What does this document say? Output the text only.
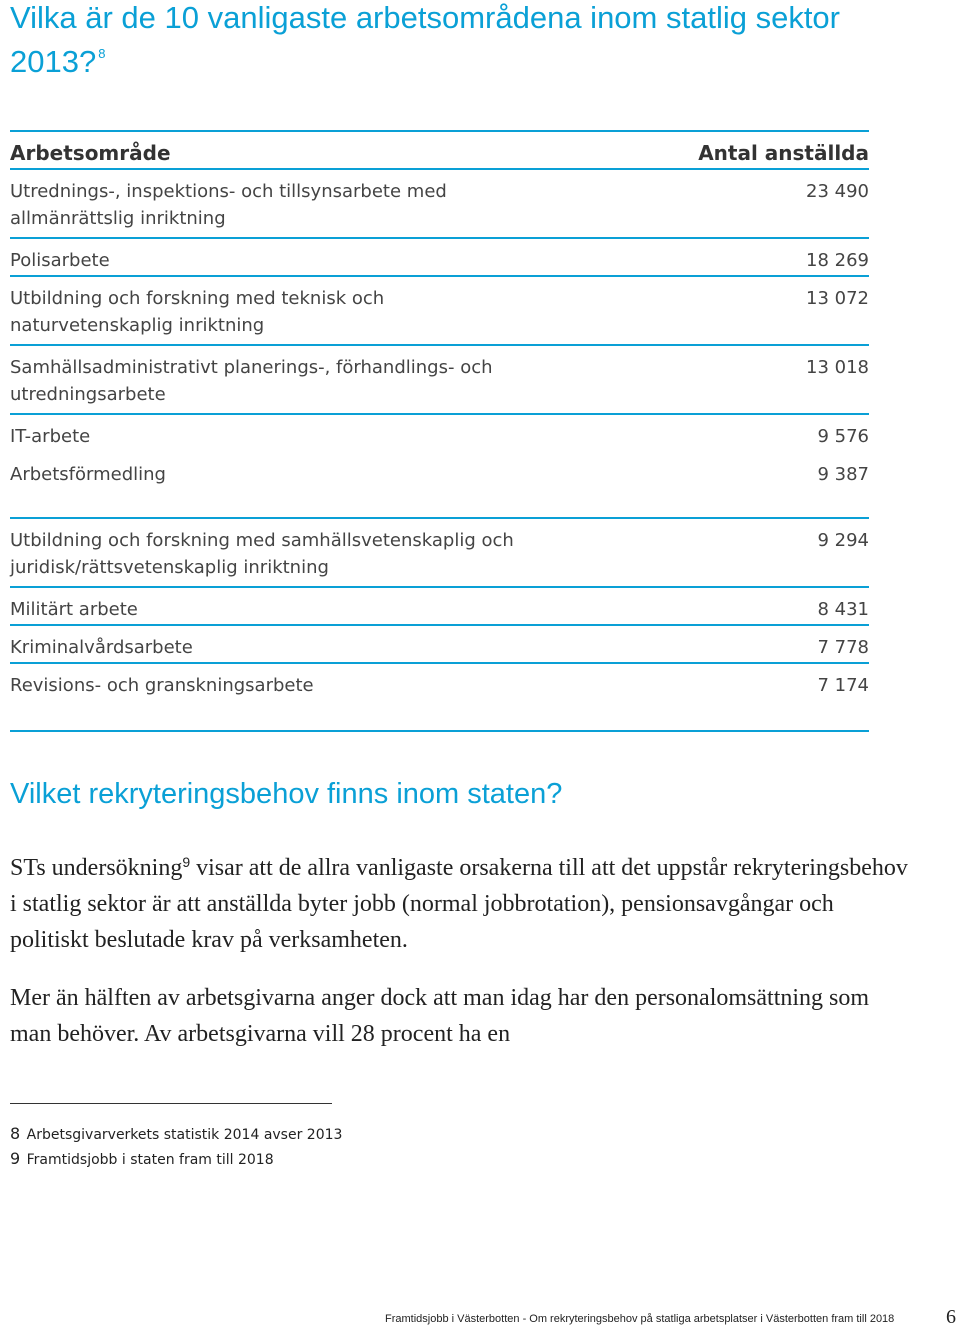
Vilka är de 10 vanligaste arbetsområdena inom statlig sektor 2013? $^8$
Arbetsområde	Antal anställda
Utrednings-, inspektions- och tillsynsarbete med allmänrättslig inriktning
23 490
Polisarbete	18 269
Utbildning och forskning med teknisk och naturvetenskaplig inriktning
13 072
Samhällsadministrativt planerings-, förhandlings- och utredningsarbete
13 018
IT-arbete	9 576
Arbetsförmedling	9 387
Utbildning och forskning med samhällsvetenskaplig och juridisk/rättsvetenskaplig inriktning
9 294
Militärt arbete	8 431
Kriminalvårdsarbete	7 778
Revisions- och granskningsarbete	7 174
Vilket rekryteringsbehov finns inom staten?

STs undersökning$^9$ visar att de allra vanligaste orsakerna till att det uppstår rekryteringsbehov i statlig sektor är att anställda byter jobb (normal jobbrotation), pensionsavgångar och politiskt beslutade krav på verksamheten.

Mer än hälften av arbetsgivarna anger dock att man idag har den personalomsättning som man behöver. Av arbetsgivarna vill 28 procent ha en

8 Arbetsgivarverkets statistik 2014 avser 2013
9 Framtidsjobb i staten fram till 2018
Framtidsjobb i Västerbotten - Om rekryteringsbehov på statliga arbetsplatser i Västerbotten fram till 2018	6
